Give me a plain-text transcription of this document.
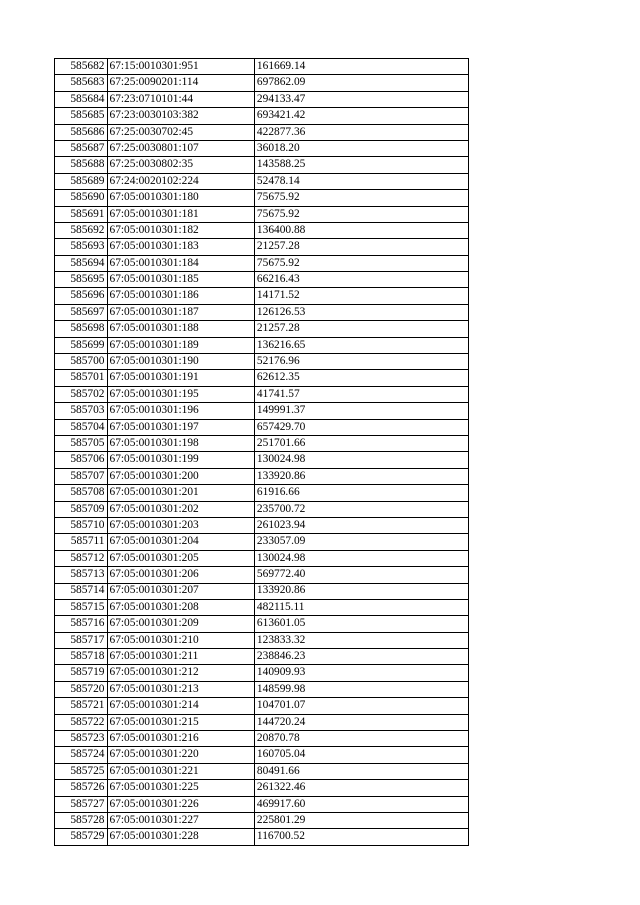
585682	67:15:0010301:951	161669.14
585683	67:25:0090201:114	697862.09
585684	67:23:0710101:44	294133.47
585685	67:23:0030103:382	693421.42
585686	67:25:0030702:45	422877.36
585687	67:25:0030801:107	36018.20
585688	67:25:0030802:35	143588.25
585689	67:24:0020102:224	52478.14
585690	67:05:0010301:180	75675.92
585691	67:05:0010301:181	75675.92
585692	67:05:0010301:182	136400.88
585693	67:05:0010301:183	21257.28
585694	67:05:0010301:184	75675.92
585695	67:05:0010301:185	66216.43
585696	67:05:0010301:186	14171.52
585697	67:05:0010301:187	126126.53
585698	67:05:0010301:188	21257.28
585699	67:05:0010301:189	136216.65
585700	67:05:0010301:190	52176.96
585701	67:05:0010301:191	62612.35
585702	67:05:0010301:195	41741.57
585703	67:05:0010301:196	149991.37
585704	67:05:0010301:197	657429.70
585705	67:05:0010301:198	251701.66
585706	67:05:0010301:199	130024.98
585707	67:05:0010301:200	133920.86
585708	67:05:0010301:201	61916.66
585709	67:05:0010301:202	235700.72
585710	67:05:0010301:203	261023.94
585711	67:05:0010301:204	233057.09
585712	67:05:0010301:205	130024.98
585713	67:05:0010301:206	569772.40
585714	67:05:0010301:207	133920.86
585715	67:05:0010301:208	482115.11
585716	67:05:0010301:209	613601.05
585717	67:05:0010301:210	123833.32
585718	67:05:0010301:211	238846.23
585719	67:05:0010301:212	140909.93
585720	67:05:0010301:213	148599.98
585721	67:05:0010301:214	104701.07
585722	67:05:0010301:215	144720.24
585723	67:05:0010301:216	20870.78
585724	67:05:0010301:220	160705.04
585725	67:05:0010301:221	80491.66
585726	67:05:0010301:225	261322.46
585727	67:05:0010301:226	469917.60
585728	67:05:0010301:227	225801.29
585729	67:05:0010301:228	116700.52
